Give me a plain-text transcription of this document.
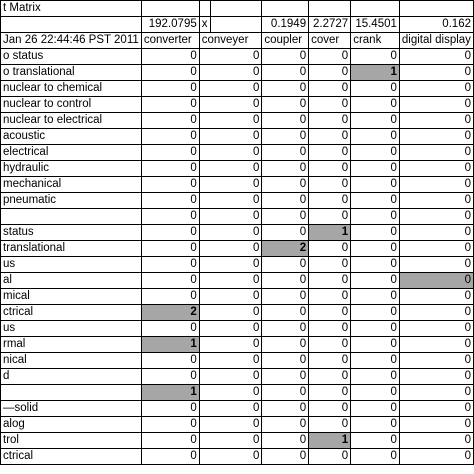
t Matrix							
	192.0795	x		0.1949	2.2727	15.4501	0.162
Jan 26 22:44:46 PST 2011	converter	conveyer		coupler	cover	crank	digital display
o status	0	0		0	0	0	0
o translational	0	0		0	0	1	0
nuclear to chemical	0	0		0	0	0	0
nuclear to control	0	0		0	0	0	0
nuclear to electrical	0	0		0	0	0	0
acoustic	0	0		0	0	0	0
electrical	0	0		0	0	0	0
hydraulic	0	0		0	0	0	0
mechanical	0	0		0	0	0	0
pneumatic	0	0		0	0	0	0
	0	0		0	0	0	0
status	0	0		0	1	0	0
translational	0	0		2	0	0	0
us	0	0		0	0	0	0
al	0	0		0	0	0	0
mical	0	0		0	0	0	0
ctrical	2	0		0	0	0	0
us	0	0		0	0	0	0
rmal	1	0		0	0	0	0
nical	0	0		0	0	0	0
d	0	0		0	0	0	0
	1	0		0	0	0	0
—solid	0	0		0	0	0	0
alog	0	0		0	0	0	0
trol	0	0		0	1	0	0
ctrical	0	0		0	0	0	0
